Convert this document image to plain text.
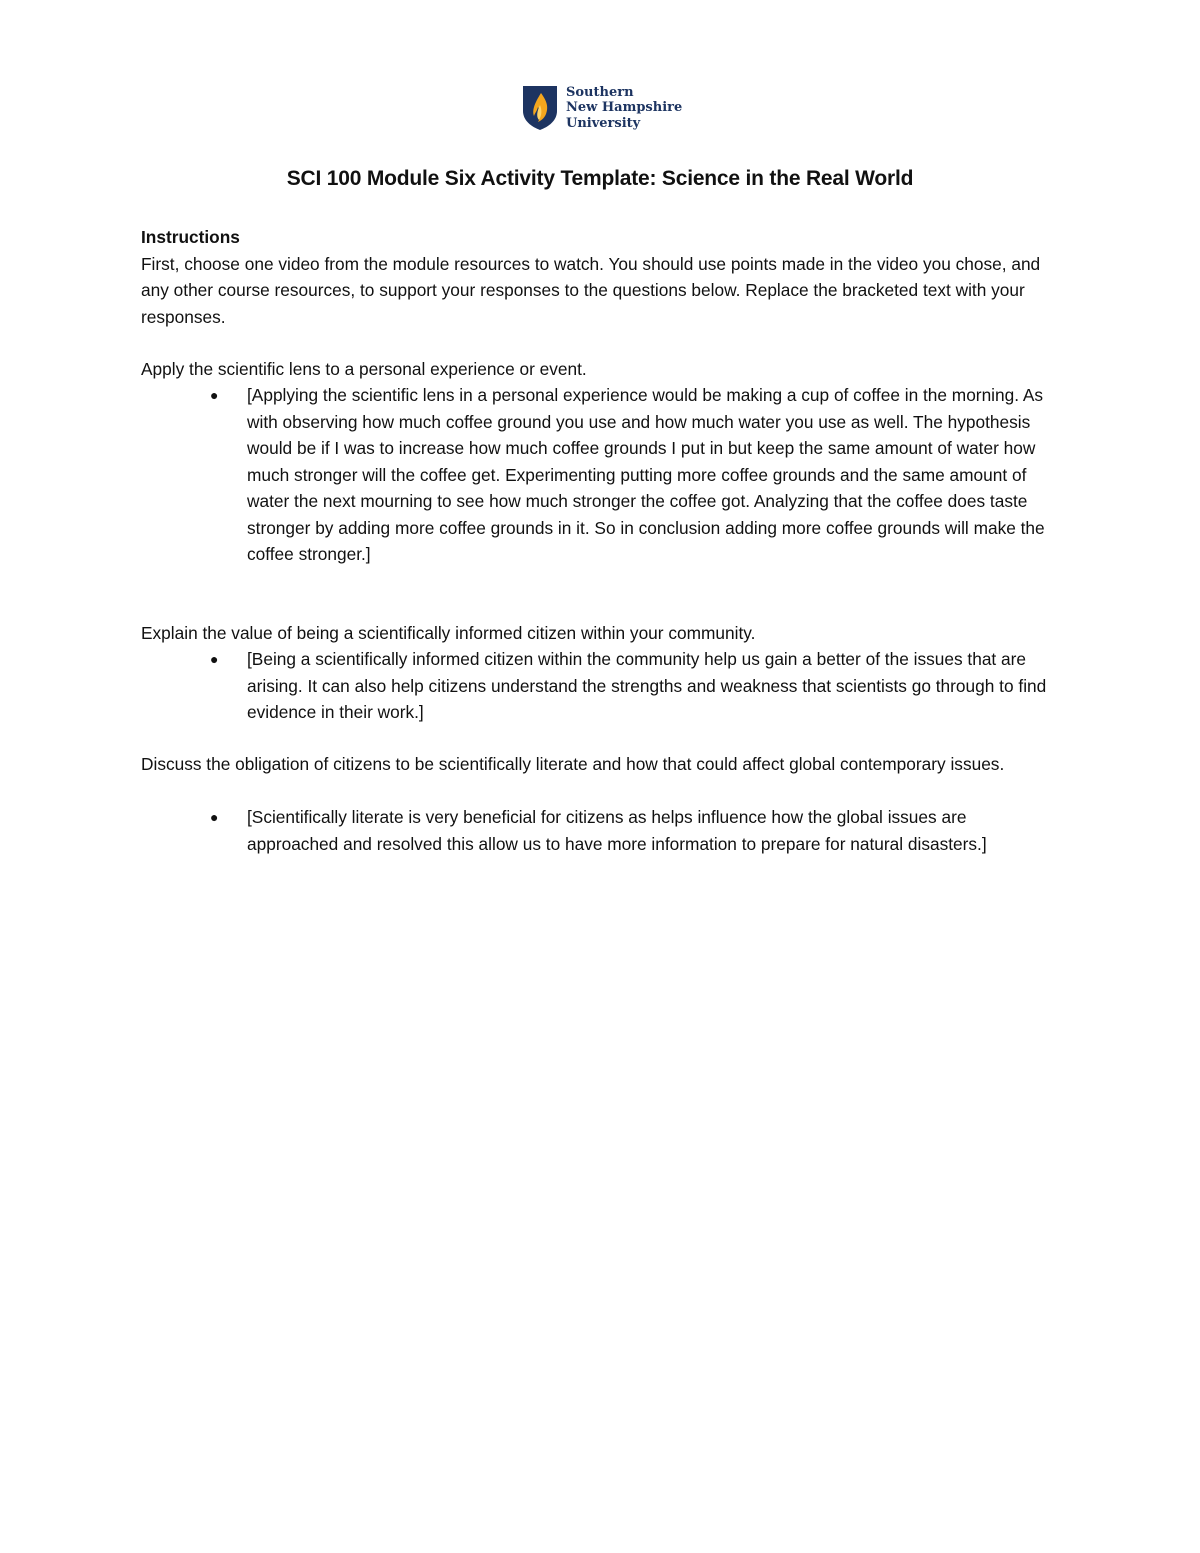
Southern
New Hampshire
University
SCI 100 Module Six Activity Template: Science in the Real World
Instructions
First, choose one video from the module resources to watch. You should use points made in the video you chose, and any other course resources, to support your responses to the questions below. Replace the bracketed text with your responses.
Apply the scientific lens to a personal experience or event.
●	[Applying the scientific lens in a personal experience would be making a cup of coffee in the morning. As with observing how much coffee ground you use and how much water you use as well. The hypothesis would be if I was to increase how much coffee grounds I put in but keep the same amount of water how much stronger will the coffee get. Experimenting putting more coffee grounds and the same amount of water the next mourning to see how much stronger the coffee got. Analyzing that the coffee does taste stronger by adding more coffee grounds in it. So in conclusion adding more coffee grounds will make the coffee stronger.]
Explain the value of being a scientifically informed citizen within your community.
●	[Being a scientifically informed citizen within the community help us gain a better of the issues that are arising. It can also help citizens understand the strengths and weakness that scientists go through to find evidence in their work.]
Discuss the obligation of citizens to be scientifically literate and how that could affect global contemporary issues.
●	[Scientifically literate is very beneficial for citizens as helps influence how the global issues are approached and resolved this allow us to have more information to prepare for natural disasters.]
